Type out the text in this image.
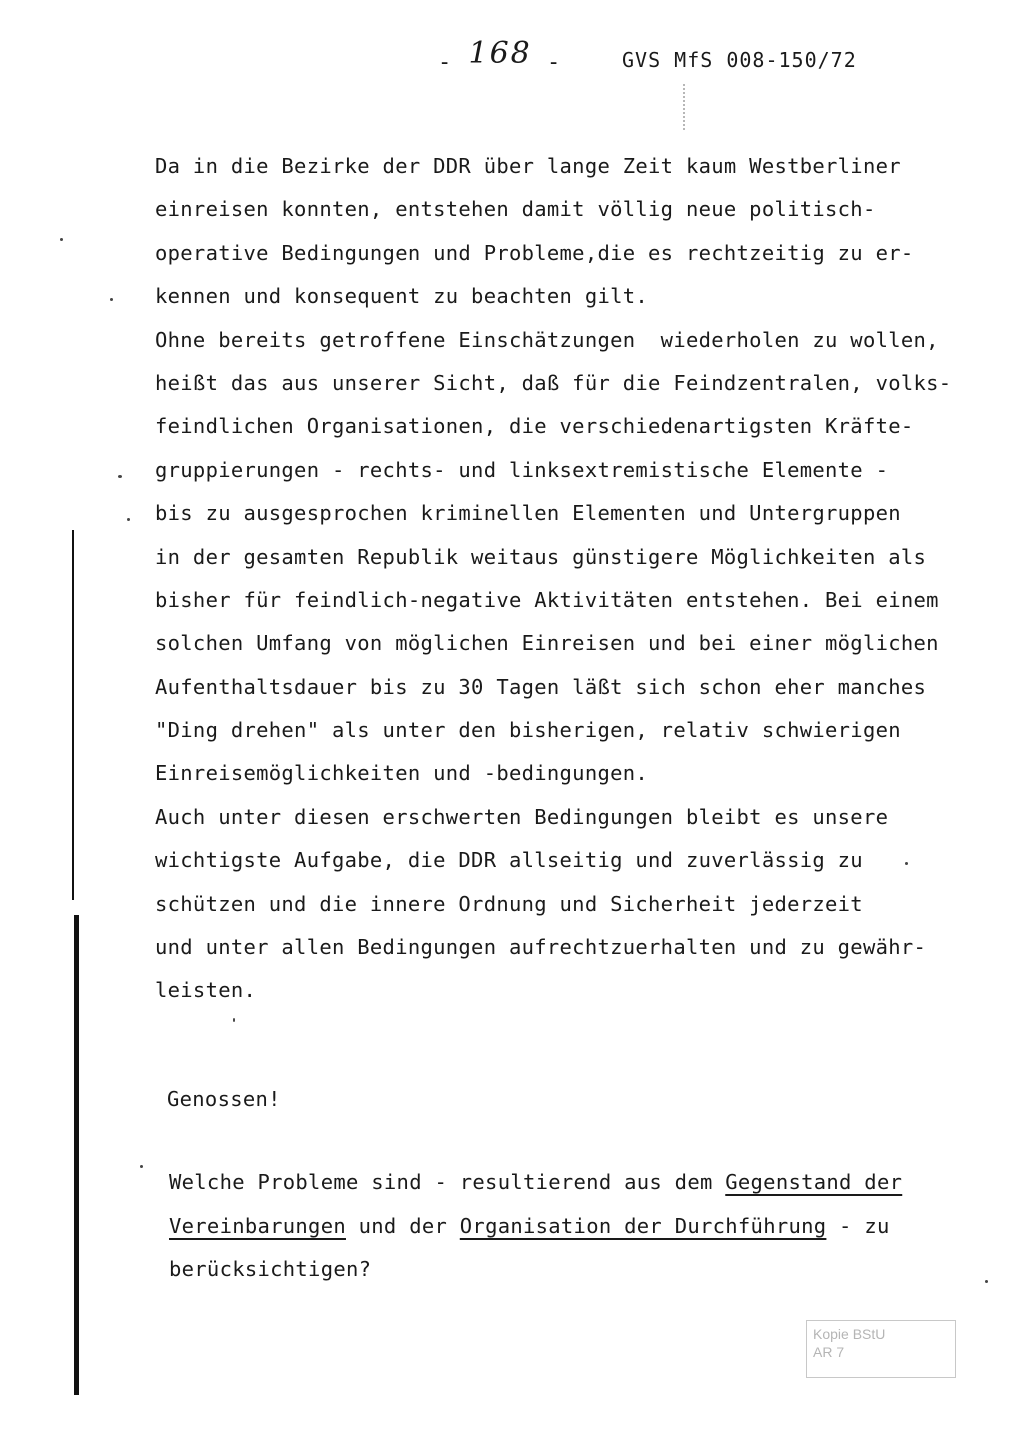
- 168 -	GVS MfS 008-150/72
Da in die Bezirke der DDR über lange Zeit kaum Westberliner
einreisen konnten, entstehen damit völlig neue politisch-
operative Bedingungen und Probleme,die es rechtzeitig zu er-
kennen und konsequent zu beachten gilt.
Ohne bereits getroffene Einschätzungen  wiederholen zu wollen,
heißt das aus unserer Sicht, daß für die Feindzentralen, volks-
feindlichen Organisationen, die verschiedenartigsten Kräfte-
gruppierungen - rechts- und linksextremistische Elemente -
bis zu ausgesprochen kriminellen Elementen und Untergruppen
in der gesamten Republik weitaus günstigere Möglichkeiten als
bisher für feindlich-negative Aktivitäten entstehen. Bei einem
solchen Umfang von möglichen Einreisen und bei einer möglichen
Aufenthaltsdauer bis zu 30 Tagen läßt sich schon eher manches
"Ding drehen" als unter den bisherigen, relativ schwierigen
Einreisemöglichkeiten und -bedingungen.
Auch unter diesen erschwerten Bedingungen bleibt es unsere
wichtigste Aufgabe, die DDR allseitig und zuverlässig zu
schützen und die innere Ordnung und Sicherheit jederzeit
und unter allen Bedingungen aufrechtzuerhalten und zu gewähr-
leisten.
Genossen!
Welche Probleme sind - resultierend aus dem Gegenstand der
Vereinbarungen und der Organisation der Durchführung - zu
berücksichtigen?
Kopie BStU
AR 7
